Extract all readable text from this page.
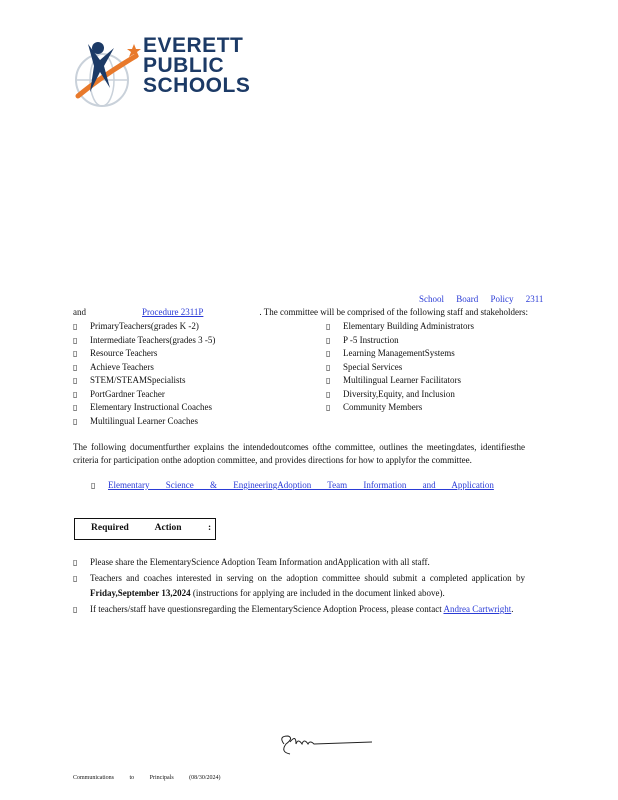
EVERETT
PUBLIC
SCHOOLS
School Board Policy 2311
and	Procedure 2311P	. The committee will be comprised of the following staff and stakeholders:
▯ PrimaryTeachers(grades K -2)
▯ Intermediate Teachers(grades 3 -5)
▯ Resource Teachers
▯ Achieve Teachers
▯ STEM/STEAMSpecialists
▯ PortGardner Teacher
▯ Elementary Instructional Coaches
▯ Multilingual Learner Coaches
▯ Elementary Building Administrators
▯ P -5 Instruction
▯ Learning ManagementSystems
▯ Special Services
▯ Multilingual Learner Facilitators
▯ Diversity,Equity, and Inclusion
▯ Community Members
The following documentfurther explains the intendedoutcomes ofthe committee, outlines the meetingdates, identifiesthe criteria for participation onthe adoption committee, and provides directions for how to applyfor the committee.
▯ Elementary Science & EngineeringAdoption Team Information and Application
Required Action :
▯	Please share the ElementaryScience Adoption Team Information andApplication with all staff.
▯	Teachers and coaches interested in serving on the adoption committee should submit a completed application by Friday,September 13,2024 (instructions for applying are included in the document linked above).
▯	If teachers/staff have questionsregarding the ElementaryScience Adoption Process, please contact Andrea Cartwright.
Communications to Principals (08/30/2024)
